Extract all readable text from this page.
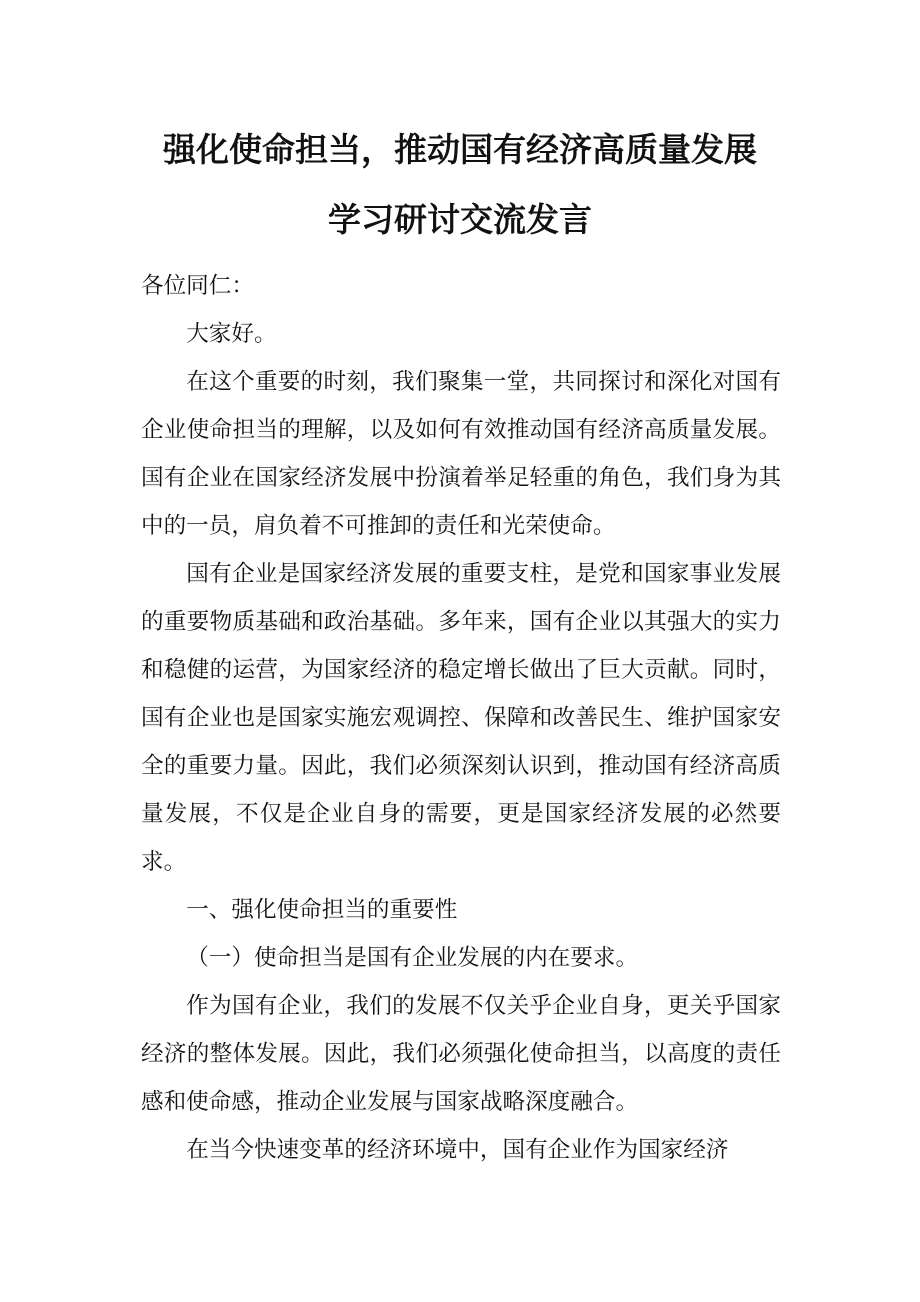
强化使命担当，推动国有经济高质量发展
学习研讨交流发言

各位同仁：

大家好。

在这个重要的时刻，我们聚集一堂，共同探讨和深化对国有企业使命担当的理解，以及如何有效推动国有经济高质量发展。国有企业在国家经济发展中扮演着举足轻重的角色，我们身为其中的一员，肩负着不可推卸的责任和光荣使命。

国有企业是国家经济发展的重要支柱，是党和国家事业发展的重要物质基础和政治基础。多年来，国有企业以其强大的实力和稳健的运营，为国家经济的稳定增长做出了巨大贡献。同时，国有企业也是国家实施宏观调控、保障和改善民生、维护国家安全的重要力量。因此，我们必须深刻认识到，推动国有经济高质量发展，不仅是企业自身的需要，更是国家经济发展的必然要求。

一、强化使命担当的重要性

（一）使命担当是国有企业发展的内在要求。

作为国有企业，我们的发展不仅关乎企业自身，更关乎国家经济的整体发展。因此，我们必须强化使命担当，以高度的责任感和使命感，推动企业发展与国家战略深度融合。

在当今快速变革的经济环境中，国有企业作为国家经济
